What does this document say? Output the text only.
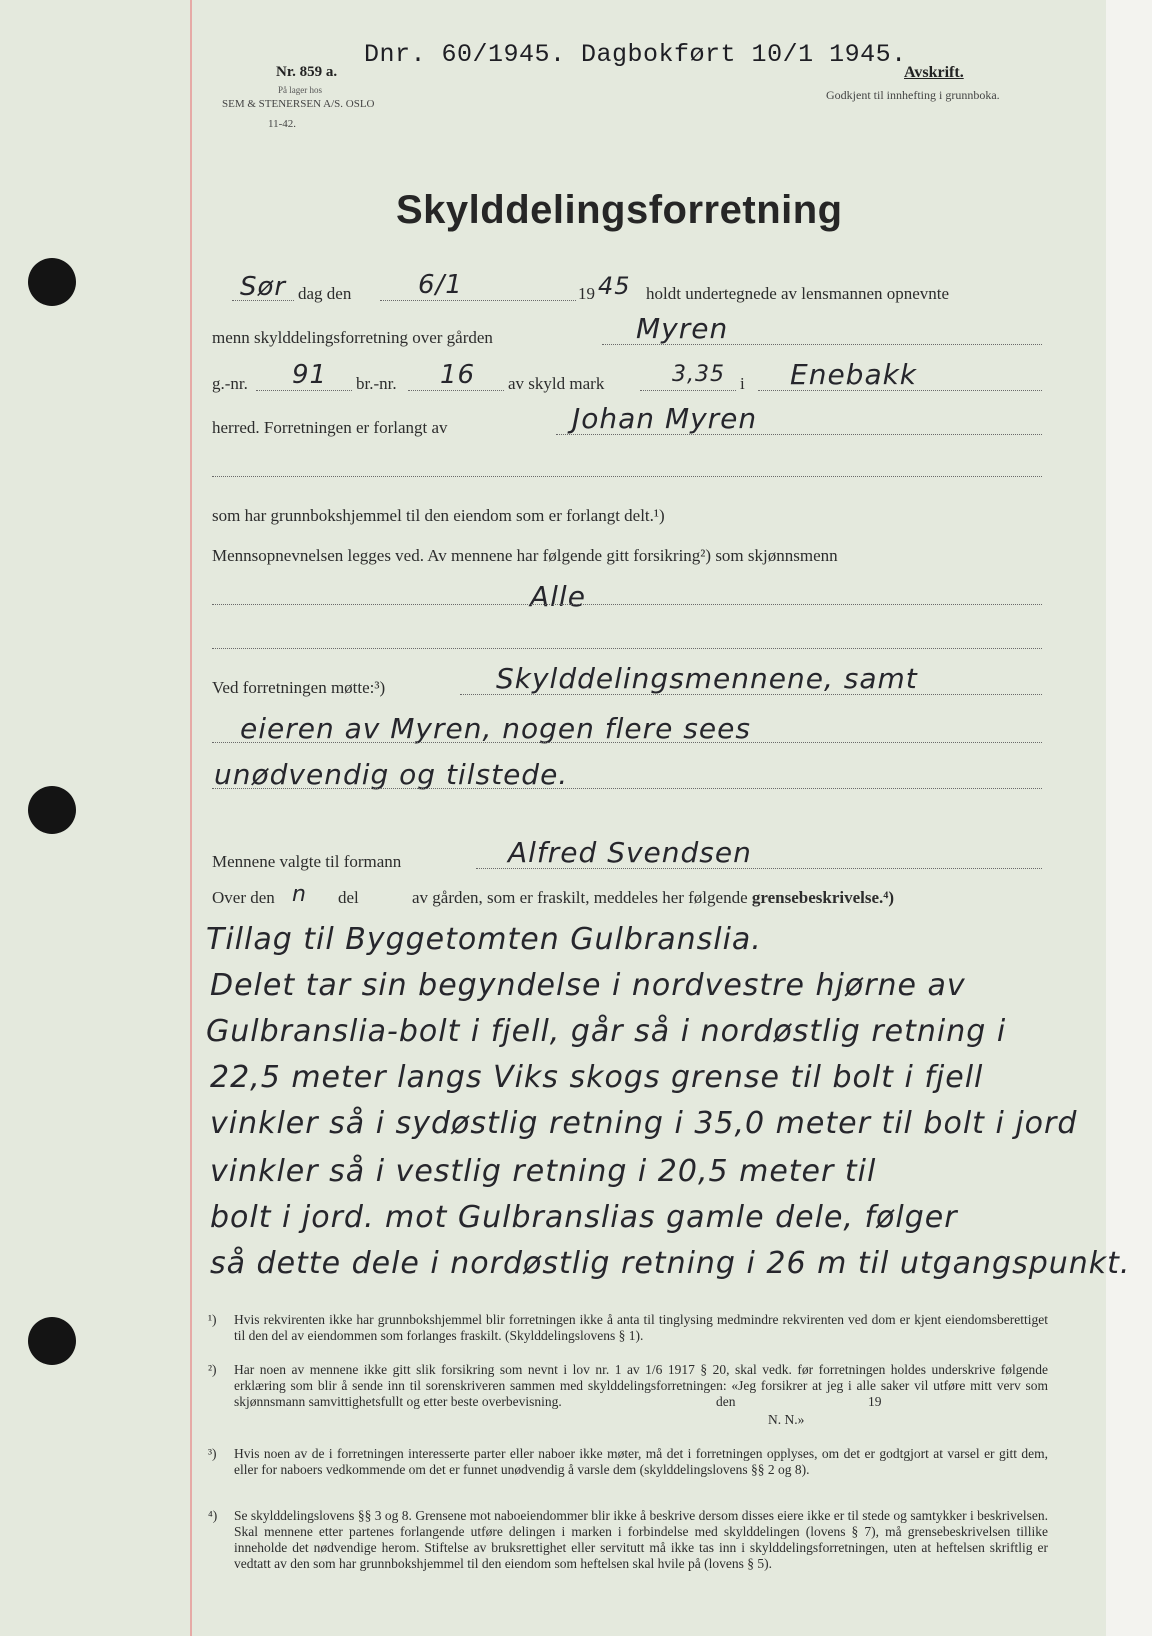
Nr. 859 a.
På lager hos
SEM & STENERSEN A/S. OSLO
11-42.
Dnr. 60/1945. Dagbokført 10/1 1945.
Avskrift.
Godkjent til innhefting i grunnboka.
Skylddelingsforretning
Sør dag den	6/1	19 45 holdt undertegnede av lensmannen opnevnte
menn skylddelingsforretning over gården	Myren
g.-nr. 91 br.-nr. 16 av skyld mark	3,35 i Enebakk
herred. Forretningen er forlangt av	Johan Myren
som har grunnbokshjemmel til den eiendom som er forlangt delt.¹)
Mennsopnevnelsen legges ved. Av mennene har følgende gitt forsikring²) som skjønnsmenn
Alle
Ved forretningen møtte:³)	Skylddelingsmennene, samt
eieren av Myren, nogen flere sees
unødvendig og tilstede.
Mennene valgte til formann	Alfred Svendsen
Over den n del	av gården, som er fraskilt, meddeles her følgende grensebeskrivelse.⁴)
Tillag til Byggetomten Gulbranslia.
Delet tar sin begyndelse i nordvestre hjørne av
Gulbranslia-bolt i fjell, går så i nordøstlig retning i
22,5 meter langs Viks skogs grense til bolt i fjell
vinkler så i sydøstlig retning i 35,0 meter til bolt i jord
vinkler så i vestlig retning i 20,5 meter til
bolt i jord. mot Gulbranslias gamle dele, følger
så dette dele i nordøstlig retning i 26 m til utgangspunkt.
¹) Hvis rekvirenten ikke har grunnbokshjemmel blir forretningen ikke å anta til tinglysing medmindre rekvirenten ved dom er kjent eiendomsberettiget til den del av eiendommen som forlanges fraskilt. (Skylddelingslovens § 1).
²) Har noen av mennene ikke gitt slik forsikring som nevnt i lov nr. 1 av 1/6 1917 § 20, skal vedk. før forretningen holdes underskrive følgende erklæring som blir å sende inn til sorenskriveren sammen med skylddelingsforretningen: «Jeg forsikrer at jeg i alle saker vil utføre mitt verv som skjønnsmann samvittighetsfullt og etter beste overbevisning.	den	19
N. N.»
³) Hvis noen av de i forretningen interesserte parter eller naboer ikke møter, må det i forretningen opplyses, om det er godtgjort at varsel er gitt dem, eller for naboers vedkommende om det er funnet unødvendig å varsle dem (skylddelingslovens §§ 2 og 8).
⁴) Se skylddelingslovens §§ 3 og 8. Grensene mot naboeiendommer blir ikke å beskrive dersom disses eiere ikke er til stede og samtykker i beskrivelsen. Skal mennene etter partenes forlangende utføre delingen i marken i forbindelse med skylddelingen (lovens § 7), må grensebeskrivelsen tillike inneholde det nødvendige herom. Stiftelse av bruksrettighet eller servitutt må ikke tas inn i skylddelingsforretningen, uten at heftelsen skriftlig er vedtatt av den som har grunnbokshjemmel til den eiendom som heftelsen skal hvile på (lovens § 5).
